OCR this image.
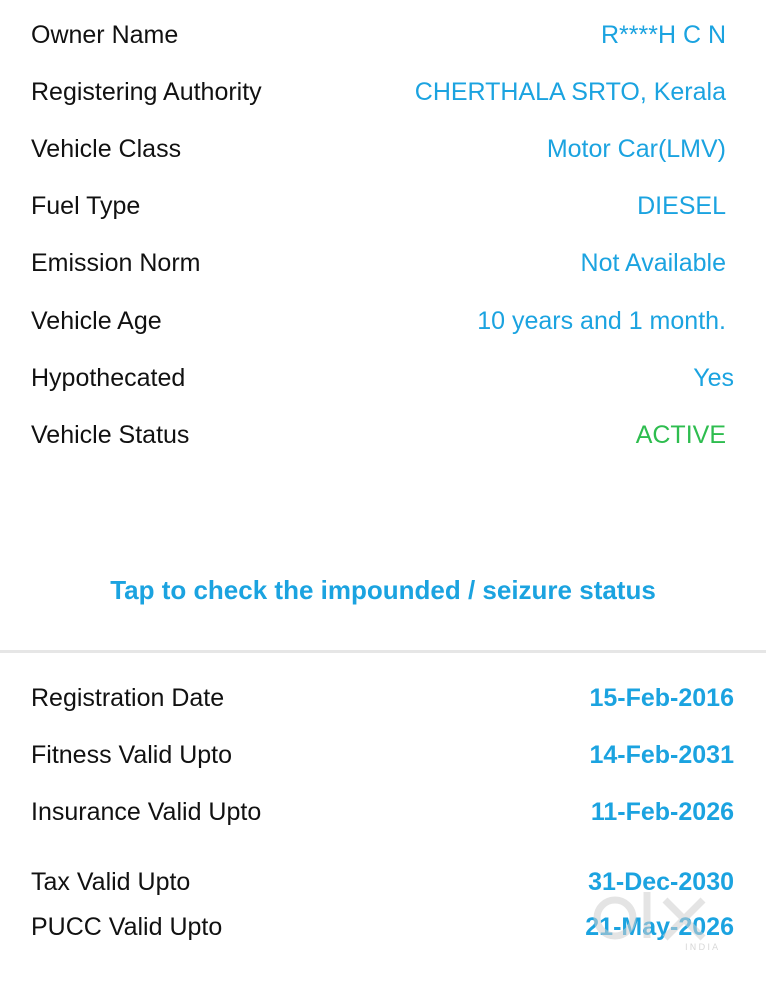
Owner Name	R****H C N
Registering Authority	CHERTHALA SRTO, Kerala
Vehicle Class	Motor Car(LMV)
Fuel Type	DIESEL
Emission Norm	Not Available
Vehicle Age	10 years and 1 month.
Hypothecated	Yes
Vehicle Status	ACTIVE
Tap to check the impounded / seizure status
Registration Date	15-Feb-2016
Fitness Valid Upto	14-Feb-2031
Insurance Valid Upto	11-Feb-2026
Tax Valid Upto	31-Dec-2030
PUCC Valid Upto	21-May-2026
INDIA
